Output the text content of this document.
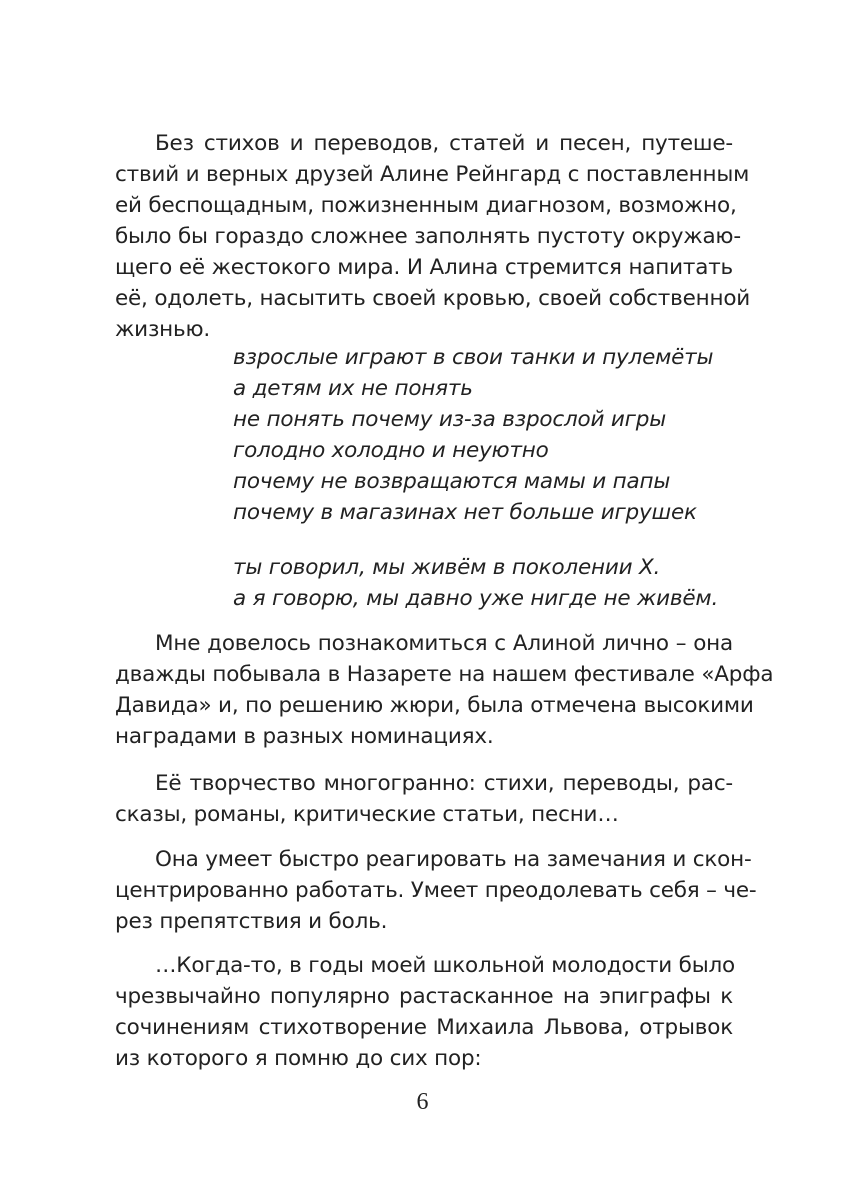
Без стихов и переводов, статей и песен, путеше-
ствий и верных друзей Алине Рейнгард с поставленным
ей беспощадным, пожизненным диагнозом, возможно,
было бы гораздо сложнее заполнять пустоту окружаю-
щего её жестокого мира. И Алина стремится напитать
её, одолеть, насытить своей кровью, своей собственной
жизнью.
взрослые играют в свои танки и пулемёты
а детям их не понять
не понять почему из-за взрослой игры
голодно холодно и неуютно
почему не возвращаются мамы и папы
почему в магазинах нет больше игрушек
ты говорил, мы живём в поколении Х.
а я говорю, мы давно уже нигде не живём.
Мне довелось познакомиться с Алиной лично – она
дважды побывала в Назарете на нашем фестивале «Арфа
Давида» и, по решению жюри, была отмечена высокими
наградами в разных номинациях.
Её творчество многогранно: стихи, переводы, рас-
сказы, романы, критические статьи, песни…
Она умеет быстро реагировать на замечания и скон-
центрированно работать. Умеет преодолевать себя – че-
рез препятствия и боль.
…Когда-то, в годы моей школьной молодости было
чрезвычайно популярно растасканное на эпиграфы к
сочинениям стихотворение Михаила Львова, отрывок
из которого я помню до сих пор:
6
